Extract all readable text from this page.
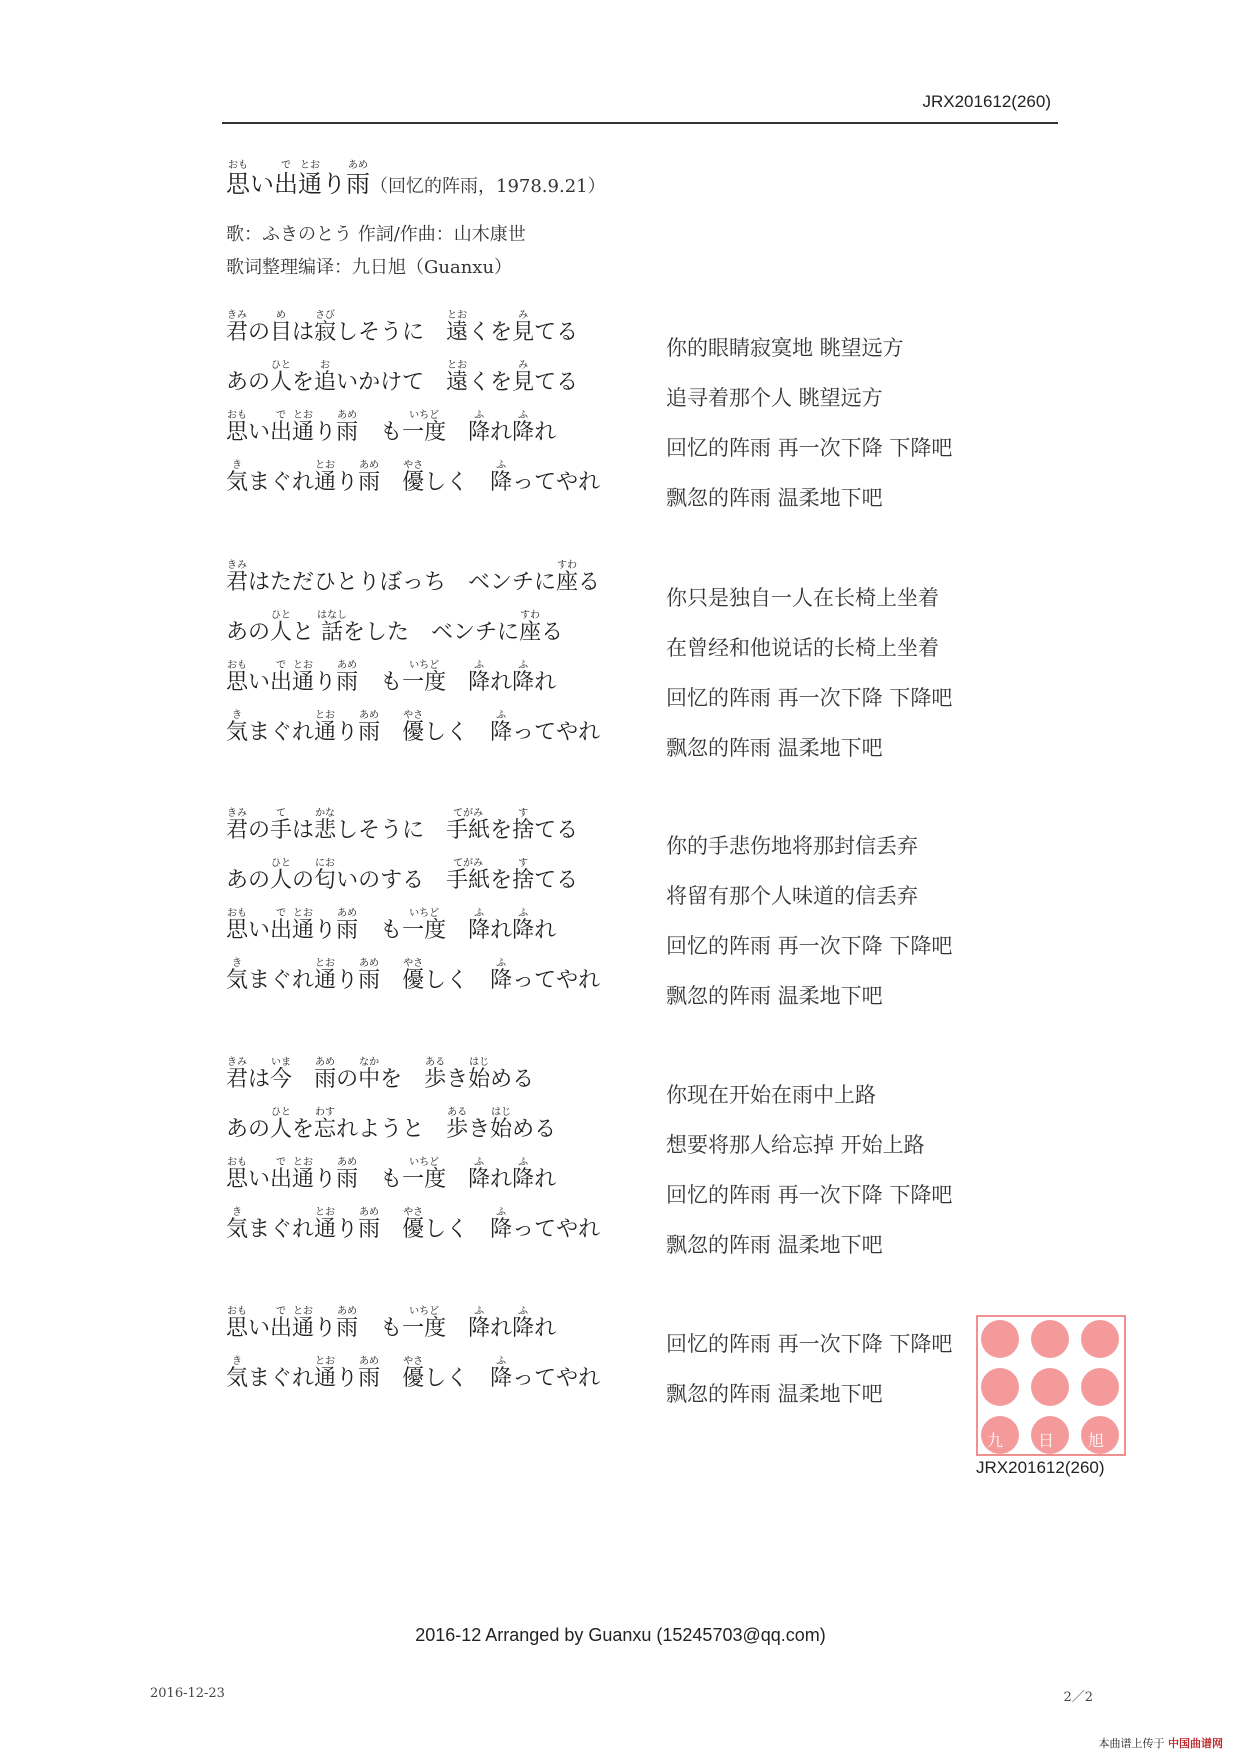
JRX201612(260)
思おもい出で通とおり雨あめ（回忆的阵雨，1978.9.21）
歌：ふきのとう 作詞/作曲：山木康世
歌词整理编译：九日旭（Guanxu）
君きみの目めは寂さびしそうに　遠とおくを見みてる
你的眼睛寂寞地 眺望远方
あの人ひとを追おいかけて　遠とおくを見みてる
追寻着那个人 眺望远方
思おもい出で通とおり雨あめ　も一度いちど　降ふれ降ふれ
回忆的阵雨 再一次下降 下降吧
気きまぐれ通とおり雨あめ　優やさしく　降ふってやれ
飘忽的阵雨 温柔地下吧
君きみはただひとりぼっち　ベンチに座すわる
你只是独自一人在长椅上坐着
あの人ひとと 話はなしをした　ベンチに座すわる
在曾经和他说话的长椅上坐着
思おもい出で通とおり雨あめ　も一度いちど　降ふれ降ふれ
回忆的阵雨 再一次下降 下降吧
気きまぐれ通とおり雨あめ　優やさしく　降ふってやれ
飘忽的阵雨 温柔地下吧
君きみの手ては悲かなしそうに　手紙てがみを捨すてる
你的手悲伤地将那封信丢弃
あの人ひとの匂においのする　手紙てがみを捨すてる
将留有那个人味道的信丢弃
思おもい出で通とおり雨あめ　も一度いちど　降ふれ降ふれ
回忆的阵雨 再一次下降 下降吧
気きまぐれ通とおり雨あめ　優やさしく　降ふってやれ
飘忽的阵雨 温柔地下吧
君きみは今いま　雨あめの中なかを　歩あるき始はじめる
你现在开始在雨中上路
あの人ひとを忘わすれようと　歩あるき始はじめる
想要将那人给忘掉 开始上路
思おもい出で通とおり雨あめ　も一度いちど　降ふれ降ふれ
回忆的阵雨 再一次下降 下降吧
気きまぐれ通とおり雨あめ　優やさしく　降ふってやれ
飘忽的阵雨 温柔地下吧
思おもい出で通とおり雨あめ　も一度いちど　降ふれ降ふれ
回忆的阵雨 再一次下降 下降吧
気きまぐれ通とおり雨あめ　優やさしく　降ふってやれ
飘忽的阵雨 温柔地下吧
九 日 旭
JRX201612(260)
2016-12 Arranged by Guanxu (15245703@qq.com)
2016-12-23	2／2
本曲谱上传于 中国曲谱网
